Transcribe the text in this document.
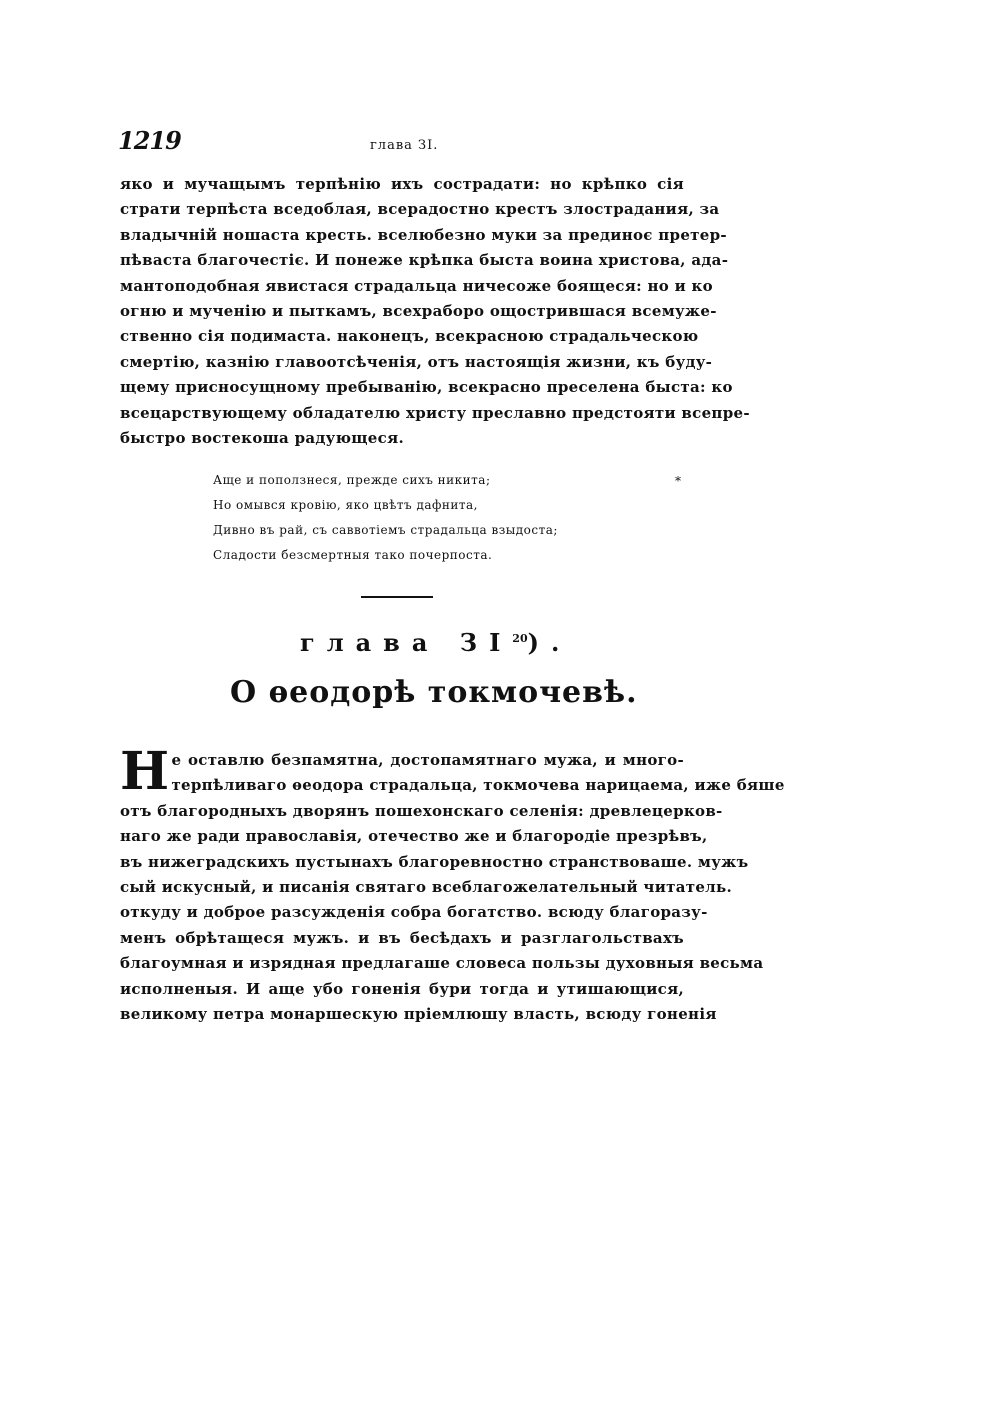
1219	глава ЗI.
яко и мучащымъ терпѣнію ихъ сострадати: но крѣпко сія
страти терпѣста вседоблая, всерадостно крестъ злострадания, за
владычній ношаста кресть. вселюбезно муки за прединоє претер-
пѣваста благочестіє. И понеже крѣпка быста воина христова, ада-
мантоподобная явистася страдальца ничесоже боящеся: но и ко
огню и мученію и пыткамъ, всехраборо ощострившася всемуже-
ственно сія подимаста. наконецъ, всекрасною страдальческою
смертію, казнію главоотсѣченія, отъ настоящія жизни, къ буду-
щему присносущному пребыванію, всекрасно преселена быста: ко
всецарствующему обладателю христу преславно предстояти всепре-
быстро востекоша радующеся.
Аще и поползнеся, прежде сихъ никита;
Но омывся кровію, яко цвѣтъ дафнита,
Дивно въ рай, съ саввотіемъ страдальца взыдоста;
Сладости безсмертныя тако почерпоста.
*
глава ЗI$^{20}$).
О ѳеодорѣ токмочевѣ.
Н е оставлю безпамятна, достопамятнаго мужа, и много-
терпѣливаго ѳеодора страдальца, токмочева нарицаема, иже бяше
отъ благородныхъ дворянъ пошехонскаго селенія: древлецерков-
наго же ради православія, отечество же и благородіе презрѣвъ,
въ нижеградскихъ пустынахъ благоревностно странствоваше. мужъ
сый искусный, и писанія святаго всеблагожелательный читатель.
откуду и доброе разсужденія собра богатство. всюду благоразу-
менъ обрѣтащеся мужъ. и въ бесѣдахъ и разглагольствахъ
благоумная и изрядная предлагаше словеса пользы духовныя весьма
исполненыя. И аще убо гоненія бури тогда и утишающися,
великому петра монаршескую пріемлюшу власть, всюду гоненія
